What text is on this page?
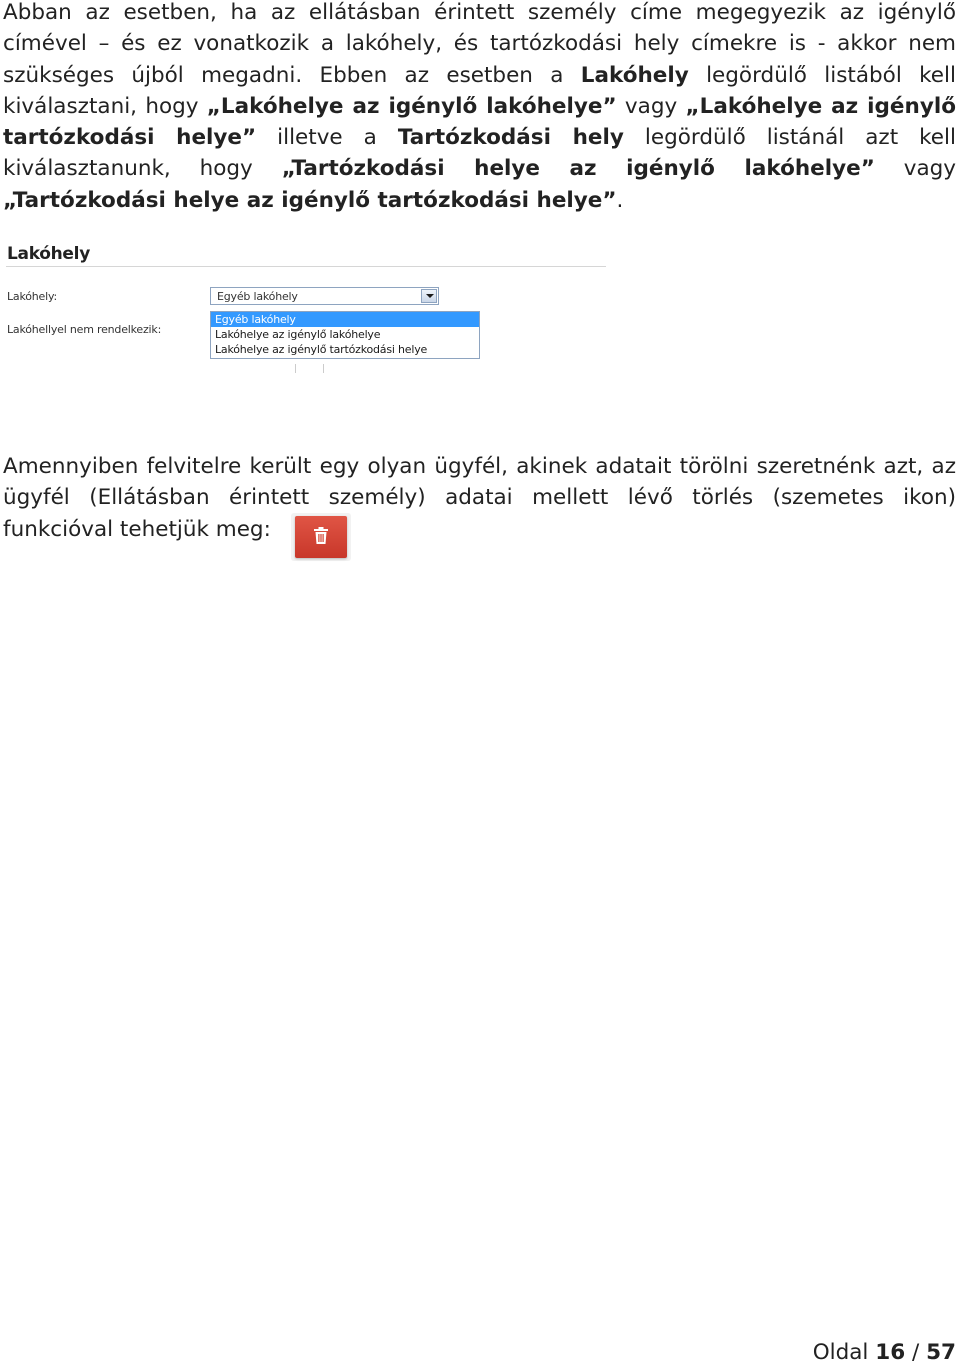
Abban az esetben, ha az ellátásban érintett személy címe megegyezik az igénylő címével – és ez vonatkozik a lakóhely, és tartózkodási hely címekre is - akkor nem szükséges újból megadni. Ebben az esetben a Lakóhely legördülő listából kell kiválasztani, hogy „Lakóhelye az igénylő lakóhelye” vagy „Lakóhelye az igénylő tartózkodási helye” illetve a Tartózkodási hely legördülő listánál azt kell kiválasztanunk, hogy „Tartózkodási helye az igénylő lakóhelye” vagy „Tartózkodási helye az igénylő tartózkodási helye”.

Lakóhely
Lakóhely:
Lakóhellyel nem rendelkezik:
Egyéb lakóhely
Egyéb lakóhely
Lakóhelye az igénylő lakóhelye
Lakóhelye az igénylő tartózkodási helye

Amennyiben felvitelre került egy olyan ügyfél, akinek adatait törölni szeretnénk azt, az ügyfél (Ellátásban érintett személy) adatai mellett lévő törlés (szemetes ikon) funkcióval tehetjük meg:

Oldal 16 / 57
